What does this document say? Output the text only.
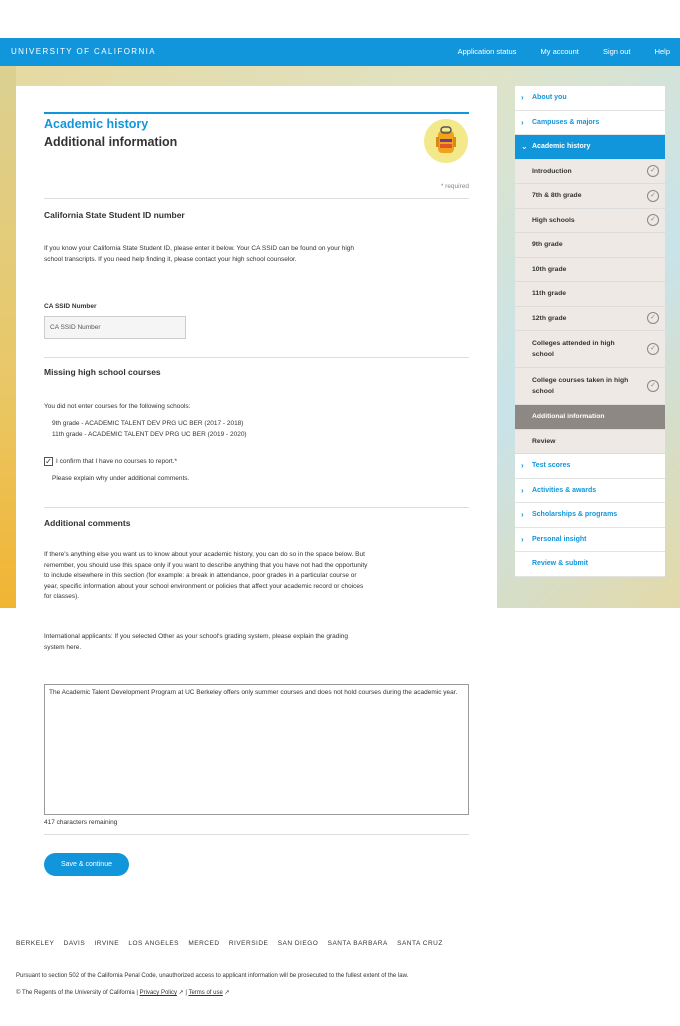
UNIVERSITY OF CALIFORNIA	Application status	My account	Sign out	Help
Academic history
Additional information
* required
California State Student ID number
If you know your California State Student ID, please enter it below. Your CA SSID can be found on your high school transcripts. If you need help finding it, please contact your high school counselor.
CA SSID Number
CA SSID Number
Missing high school courses
You did not enter courses for the following schools:
9th grade - ACADEMIC TALENT DEV PRG UC BER (2017 - 2018)
11th grade - ACADEMIC TALENT DEV PRG UC BER (2019 - 2020)
✓ I confirm that I have no courses to report.*
Please explain why under additional comments.
Additional comments
If there's anything else you want us to know about your academic history, you can do so in the space below. But remember, you should use this space only if you want to describe anything that you have not had the opportunity to include elsewhere in this section (for example: a break in attendance, poor grades in a particular course or year, specific information about your school environment or policies that affect your academic record or choices for classes).
International applicants: If you selected Other as your school's grading system, please explain the grading system here.
The Academic Talent Development Program at UC Berkeley offers only summer courses and does not hold courses during the academic year.
417 characters remaining
Save & continue
› About you
› Campuses & majors
⌄ Academic history
Introduction	✓
7th & 8th grade	✓
High schools	✓
9th grade
10th grade
11th grade
12th grade	✓
Colleges attended in high school
✓
College courses taken in high school
✓
Additional information
Review
› Test scores
› Activities & awards
› Scholarships & programs
› Personal insight
Review & submit
BERKELEY DAVIS IRVINE LOS ANGELES MERCED RIVERSIDE SAN DIEGO SANTA BARBARA SANTA CRUZ
Pursuant to section 502 of the California Penal Code, unauthorized access to applicant information will be prosecuted to the fullest extent of the law.
© The Regents of the University of California | Privacy Policy ↗ | Terms of use ↗
